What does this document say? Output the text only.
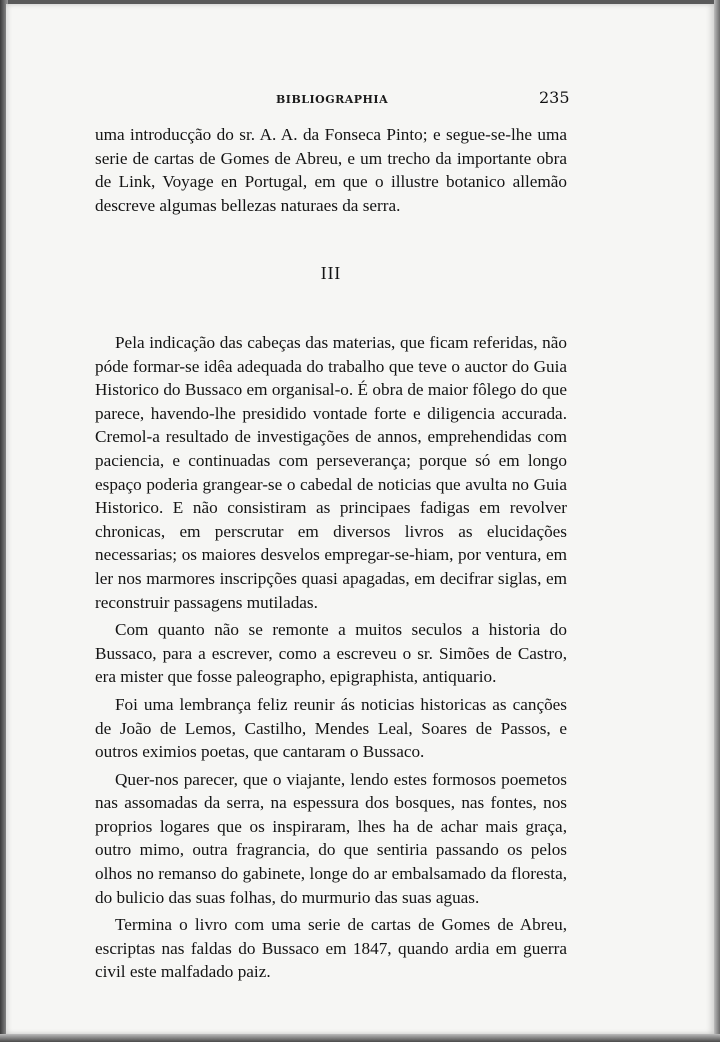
BIBLIOGRAPHIA	235

uma introducção do sr. A. A. da Fonseca Pinto; e segue-se-lhe uma serie de cartas de Gomes de Abreu, e um trecho da importante obra de Link, Voyage en Portugal, em que o illustre botanico allemão descreve algumas bellezas naturaes da serra.

III

Pela indicação das cabeças das materias, que ficam referidas, não póde formar-se idêa adequada do trabalho que teve o auctor do Guia Historico do Bussaco em organisal-o. É obra de maior fôlego do que parece, havendo-lhe presidido vontade forte e diligencia accurada. Cremol-a resultado de investigações de annos, emprehendidas com paciencia, e continuadas com perseverança; porque só em longo espaço poderia grangear-se o cabedal de noticias que avulta no Guia Historico. E não consistiram as principaes fadigas em revolver chronicas, em perscrutar em diversos livros as elucidações necessarias; os maiores desvelos empregar-se-hiam, por ventura, em ler nos marmores inscripções quasi apagadas, em decifrar siglas, em reconstruir passagens mutiladas.

Com quanto não se remonte a muitos seculos a historia do Bussaco, para a escrever, como a escreveu o sr. Simões de Castro, era mister que fosse paleographo, epigraphista, antiquario.

Foi uma lembrança feliz reunir ás noticias historicas as canções de João de Lemos, Castilho, Mendes Leal, Soares de Passos, e outros eximios poetas, que cantaram o Bussaco.

Quer-nos parecer, que o viajante, lendo estes formosos poemetos nas assomadas da serra, na espessura dos bosques, nas fontes, nos proprios logares que os inspiraram, lhes ha de achar mais graça, outro mimo, outra fragrancia, do que sentiria passando os pelos olhos no remanso do gabinete, longe do ar embalsamado da floresta, do bulicio das suas folhas, do murmurio das suas aguas.

Termina o livro com uma serie de cartas de Gomes de Abreu, escriptas nas faldas do Bussaco em 1847, quando ardia em guerra civil este malfadado paiz.
